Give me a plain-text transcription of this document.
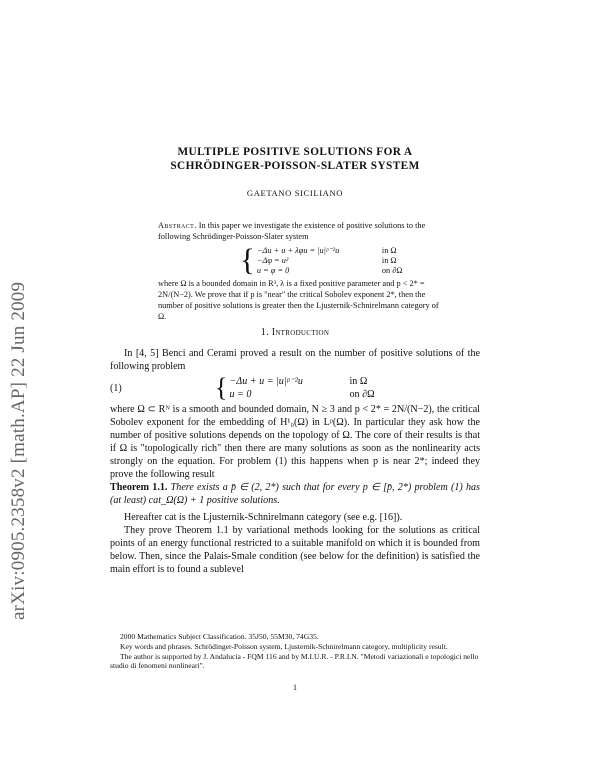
arXiv:0905.2358v2 [math.AP] 22 Jun 2009
MULTIPLE POSITIVE SOLUTIONS FOR A
SCHRÖDINGER-POISSON-SLATER SYSTEM
GAETANO SICILIANO
Abstract. In this paper we investigate the existence of positive solutions to the following Schrödinger-Poisson-Slater system
{ −Δu + u + λφu = |u|ᵖ⁻²u	in Ω
−Δφ = u²	in Ω
u = φ = 0	on ∂Ω
where Ω is a bounded domain in R³, λ is a fixed positive parameter and p < 2* = 2N/(N−2). We prove that if p is "near" the critical Sobolev exponent 2*, then the number of positive solutions is greater then the Ljusternik-Schnirelmann category of Ω.
1. Introduction

In [4, 5] Benci and Cerami proved a result on the number of positive solutions of the following problem

(1)	{ −Δu + u = |u|ᵖ⁻²u	in Ω
u = 0	on ∂Ω

where Ω ⊂ Rᴺ is a smooth and bounded domain, N ≥ 3 and p < 2* = 2N/(N−2), the critical Sobolev exponent for the embedding of H¹₀(Ω) in Lᵖ(Ω). In particular they ask how the number of positive solutions depends on the topology of Ω. The core of their results is that if Ω is "topologically rich" then there are many solutions as soon as the nonlinearity acts strongly on the equation. For problem (1) this happens when p is near 2*; indeed they prove the following result

Theorem 1.1. There exists a p̄ ∈ (2, 2*) such that for every p ∈ [p̄, 2*) problem (1) has (at least) cat_Ω(Ω) + 1 positive solutions.

Hereafter cat is the Ljusternik-Schnirelmann category (see e.g. [16]).

They prove Theorem 1.1 by variational methods looking for the solutions as critical points of an energy functional restricted to a suitable manifold on which it is bounded from below. Then, since the Palais-Smale condition (see below for the definition) is satisfied the main effort is to found a sublevel

2000 Mathematics Subject Classification. 35J50, 55M30, 74G35.

Key words and phrases. Schrödinger-Poisson system, Ljusternik-Schnirelmann category, multiplicity result.

The author is supported by J. Andalucía - FQM 116 and by M.I.U.R. - P.R.I.N. "Metodi variazionali e topologici nello studio di fenomeni nonlineari".

1
